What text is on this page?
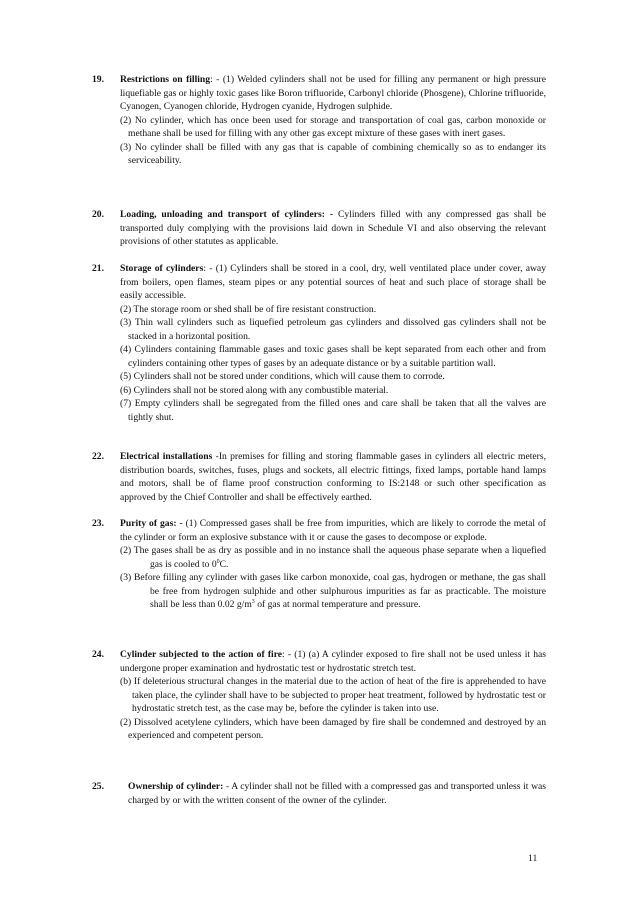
19. Restrictions on filling: - (1) Welded cylinders shall not be used for filling any permanent or high pressure liquefiable gas or highly toxic gases like Boron trifluoride, Carbonyl chloride (Phosgene), Chlorine trifluoride, Cyanogen, Cyanogen chloride, Hydrogen cyanide, Hydrogen sulphide.

(2) No cylinder, which has once been used for storage and transportation of coal gas, carbon monoxide or methane shall be used for filling with any other gas except mixture of these gases with inert gases.

(3) No cylinder shall be filled with any gas that is capable of combining chemically so as to endanger its serviceability.

20. Loading, unloading and transport of cylinders: - Cylinders filled with any compressed gas shall be transported duly complying with the provisions laid down in Schedule VI and also observing the relevant provisions of other statutes as applicable.

21. Storage of cylinders: - (1) Cylinders shall be stored in a cool, dry, well ventilated place under cover, away from boilers, open flames, steam pipes or any potential sources of heat and such place of storage shall be easily accessible.

(2) The storage room or shed shall be of fire resistant construction.

(3) Thin wall cylinders such as liquefied petroleum gas cylinders and dissolved gas cylinders shall not be stacked in a horizontal position.

(4) Cylinders containing flammable gases and toxic gases shall be kept separated from each other and from cylinders containing other types of gases by an adequate distance or by a suitable partition wall.

(5) Cylinders shall not be stored under conditions, which will cause them to corrode.

(6) Cylinders shall not be stored along with any combustible material.

(7) Empty cylinders shall be segregated from the filled ones and care shall be taken that all the valves are tightly shut.

22. Electrical installations -In premises for filling and storing flammable gases in cylinders all electric meters, distribution boards, switches, fuses, plugs and sockets, all electric fittings, fixed lamps, portable hand lamps and motors, shall be of flame proof construction conforming to IS:2148 or such other specification as approved by the Chief Controller and shall be effectively earthed.

23. Purity of gas: - (1) Compressed gases shall be free from impurities, which are likely to corrode the metal of the cylinder or form an explosive substance with it or cause the gases to decompose or explode.

(2) The gases shall be as dry as possible and in no instance shall the aqueous phase separate when a liquefied gas is cooled to $0^0C$.

(3) Before filling any cylinder with gases like carbon monoxide, coal gas, hydrogen or methane, the gas shall be free from hydrogen sulphide and other sulphurous impurities as far as practicable. The moisture shall be less than 0.02 $g/m^3$ of gas at normal temperature and pressure.

24. Cylinder subjected to the action of fire: - (1) (a) A cylinder exposed to fire shall not be used unless it has undergone proper examination and hydrostatic test or hydrostatic stretch test.

(b) If deleterious structural changes in the material due to the action of heat of the fire is apprehended to have taken place, the cylinder shall have to be subjected to proper heat treatment, followed by hydrostatic test or hydrostatic stretch test, as the case may be, before the cylinder is taken into use.

(2) Dissolved acetylene cylinders, which have been damaged by fire shall be condemned and destroyed by an experienced and competent person.

25.	Ownership of cylinder: - A cylinder shall not be filled with a compressed gas and transported unless it was charged by or with the written consent of the owner of the cylinder.

11
